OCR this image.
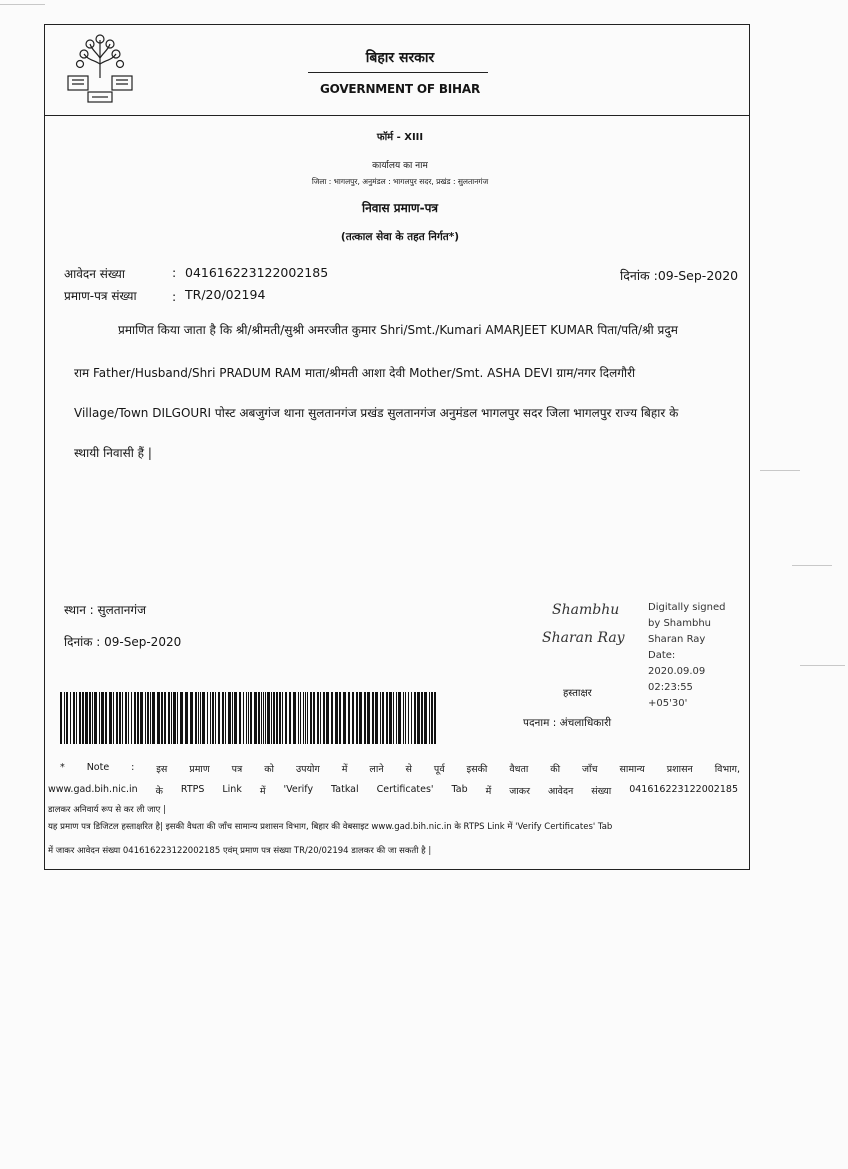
बिहार सरकार
GOVERNMENT OF BIHAR
फॉर्म - XIII
कार्यालय का नाम
जिला : भागलपुर, अनुमंडल : भागलपुर सदर, प्रखंड : सुलतानगंज
निवास प्रमाण-पत्र
(तत्काल सेवा के तहत निर्गत*)
आवेदन संख्या	: 041616223122002185	दिनांक :09-Sep-2020
प्रमाण-पत्र संख्या	: TR/20/02194
प्रमाणित किया जाता है कि श्री/श्रीमती/सुश्री अमरजीत कुमार Shri/Smt./Kumari AMARJEET KUMAR पिता/पति/श्री प्रदुम
राम Father/Husband/Shri PRADUM RAM माता/श्रीमती आशा देवी Mother/Smt. ASHA DEVI ग्राम/नगर दिलगौरी
Village/Town DILGOURI पोस्ट अबजुगंज थाना सुलतानगंज प्रखंड सुलतानगंज अनुमंडल भागलपुर सदर जिला भागलपुर राज्य बिहार के
स्थायी निवासी हैं |
स्थान : सुलतानगंज
दिनांक : 09-Sep-2020
Shambhu
Sharan Ray
Digitally signed by Shambhu Sharan Ray Date: 2020.09.09 02:23:55 +05'30'
हस्ताक्षर
पदनाम : अंचलाधिकारी
* Note : इस प्रमाण पत्र को उपयोग में लाने से पूर्व इसकी वैधता की जाँच सामान्य प्रशासन विभाग,
www.gad.bih.nic.in के RTPS Link में 'Verify Tatkal Certificates' Tab में जाकर आवेदन संख्या 041616223122002185
डालकर अनिवार्य रूप से कर ली जाए |
यह प्रमाण पत्र डिजिटल हस्ताक्षरित है| इसकी वैधता की जाँच सामान्य प्रशासन विभाग, बिहार की वेबसाइट www.gad.bih.nic.in के RTPS Link में 'Verify Certificates' Tab
में जाकर आवेदन संख्या 041616223122002185 एवंम् प्रमाण पत्र संख्या TR/20/02194 डालकर की जा सकती है |
